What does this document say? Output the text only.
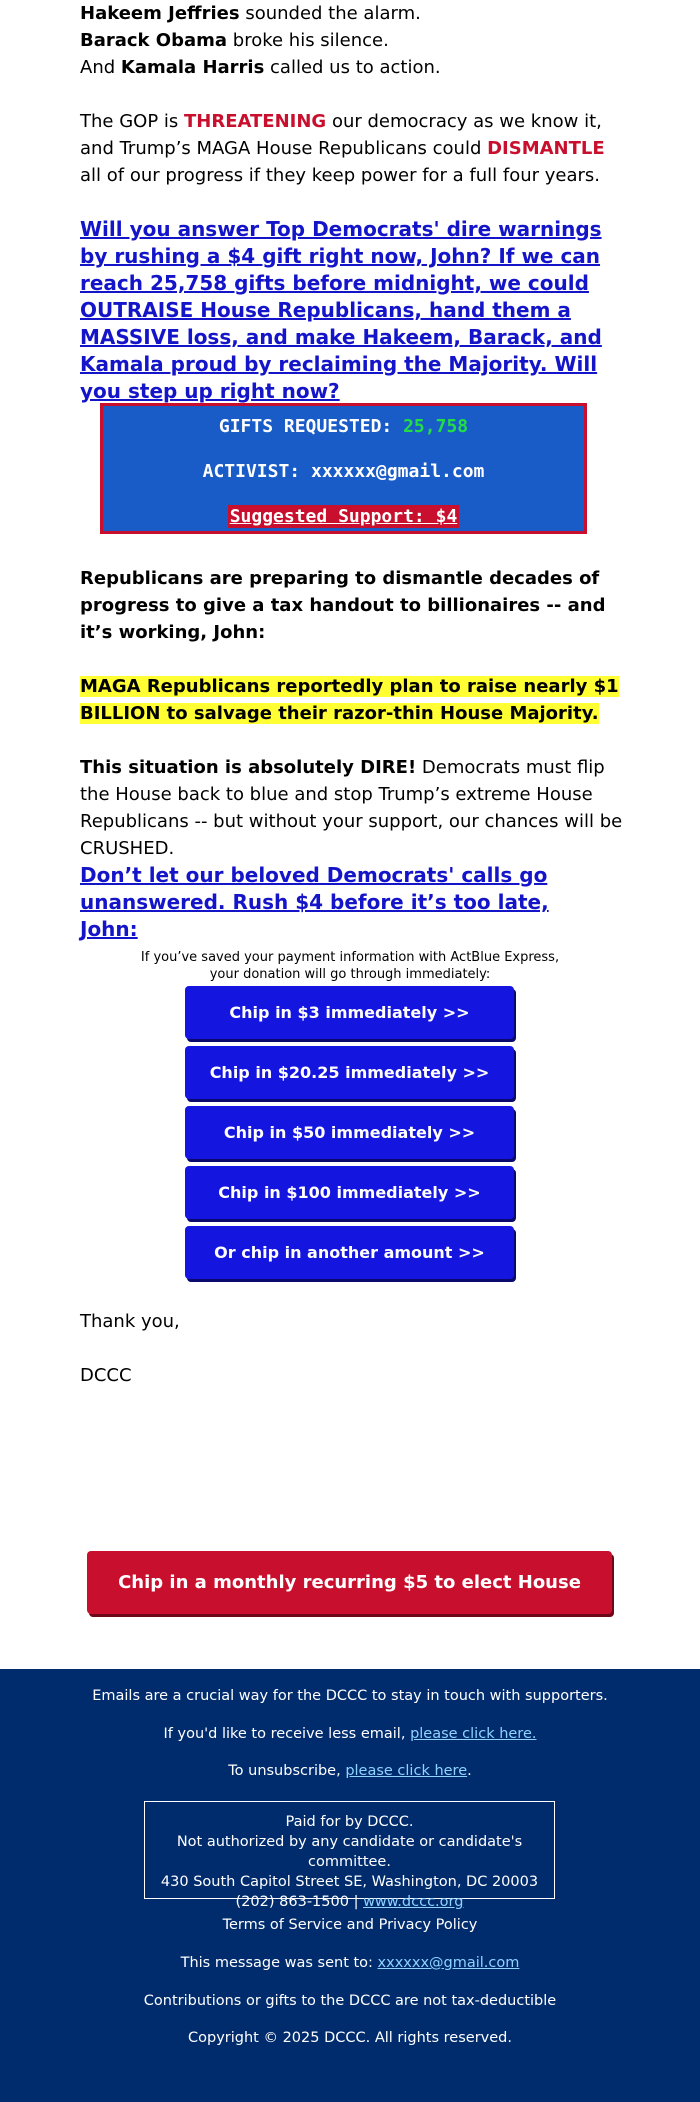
Hakeem Jeffries sounded the alarm.
Barack Obama broke his silence.
And Kamala Harris called us to action.
The GOP is THREATENING our democracy as we know it, and Trump’s MAGA House Republicans could DISMANTLE all of our progress if they keep power for a full four years.
Will you answer Top Democrats' dire warnings by rushing a $4 gift right now, John? If we can reach 25,758 gifts before midnight, we could OUTRAISE House Republicans, hand them a MASSIVE loss, and make Hakeem, Barack, and Kamala proud by reclaiming the Majority. Will you step up right now?
Republicans are preparing to dismantle decades of progress to give a tax handout to billionaires -- and it’s working, John:
MAGA Republicans reportedly plan to raise nearly $1 BILLION to salvage their razor-thin House Majority.
This situation is absolutely DIRE! Democrats must flip the House back to blue and stop Trump’s extreme House Republicans -- but without your support, our chances will be CRUSHED.
Don’t let our beloved Democrats' calls go unanswered. Rush $4 before it’s too late, John:
Thank you,
DCCC
GIFTS REQUESTED: 25,758
ACTIVIST: xxxxxx@gmail.com
Suggested Support: $4
If you’ve saved your payment information with ActBlue Express,
your donation will go through immediately:
Chip in $3 immediately >>
Chip in $20.25 immediately >>
Chip in $50 immediately >>
Chip in $100 immediately >>
Or chip in another amount >>
Chip in a monthly recurring $5 to elect House Dems >>
Emails are a crucial way for the DCCC to stay in touch with supporters.
If you'd like to receive less email, please click here.
To unsubscribe, please click here.
Paid for by DCCC.
Not authorized by any candidate or candidate's committee.
430 South Capitol Street SE, Washington, DC 20003
(202) 863-1500 | www.dccc.org
Terms of Service and Privacy Policy
This message was sent to: xxxxxx@gmail.com
Contributions or gifts to the DCCC are not tax-deductible
Copyright © 2025 DCCC. All rights reserved.
